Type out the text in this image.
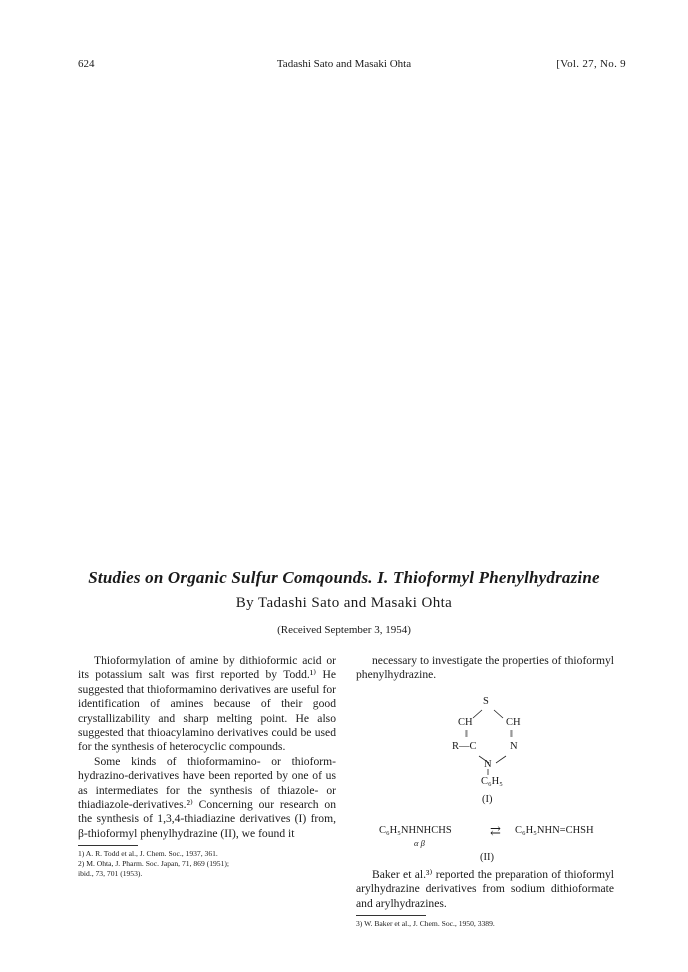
624	Tadashi Sato and Masaki Ohta	[Vol. 27, No. 9
Studies on Organic Sulfur Comqounds. I. Thioformyl Phenylhydrazine
By Tadashi Sato and Masaki Ohta
(Received September 3, 1954)

Thioformylation of amine by dithioformic acid or its potassium salt was first reported by Todd.¹⁾ He suggested that thioformamino derivatives are useful for identification of amines because of their good crystallizability and sharp melting point. He also suggested that thioacylamino derivatives could be used for the synthesis of heterocyclic compounds.

Some kinds of thioformamino- or thioform-hydrazino-derivatives have been reported by one of us as intermediates for the synthesis of thiazole- or thiadiazole-derivatives.²⁾ Concerning our research on the synthesis of 1,3,4-thiadiazine derivatives (I) from, β-thioformyl phenylhydrazine (II), we found it

1) A. R. Todd et al., J. Chem. Soc., 1937, 361.
2) M. Ohta, J. Pharm. Soc. Japan, 71, 869 (1951);
ibid., 73, 701 (1953).

necessary to investigate the properties of thioformyl phenylhydrazine.

S
CH	CH
‖	‖
R—C	N
N
C₆H₅
(I)
C₆H₅NHNHCHS	⇄ C₆H₅NHN=CHSH
α β
(II)

Baker et al.³⁾ reported the preparation of thioformyl arylhydrazine derivatives from sodium dithioformate and arylhydrazines.

3) W. Baker et al., J. Chem. Soc., 1950, 3389.
